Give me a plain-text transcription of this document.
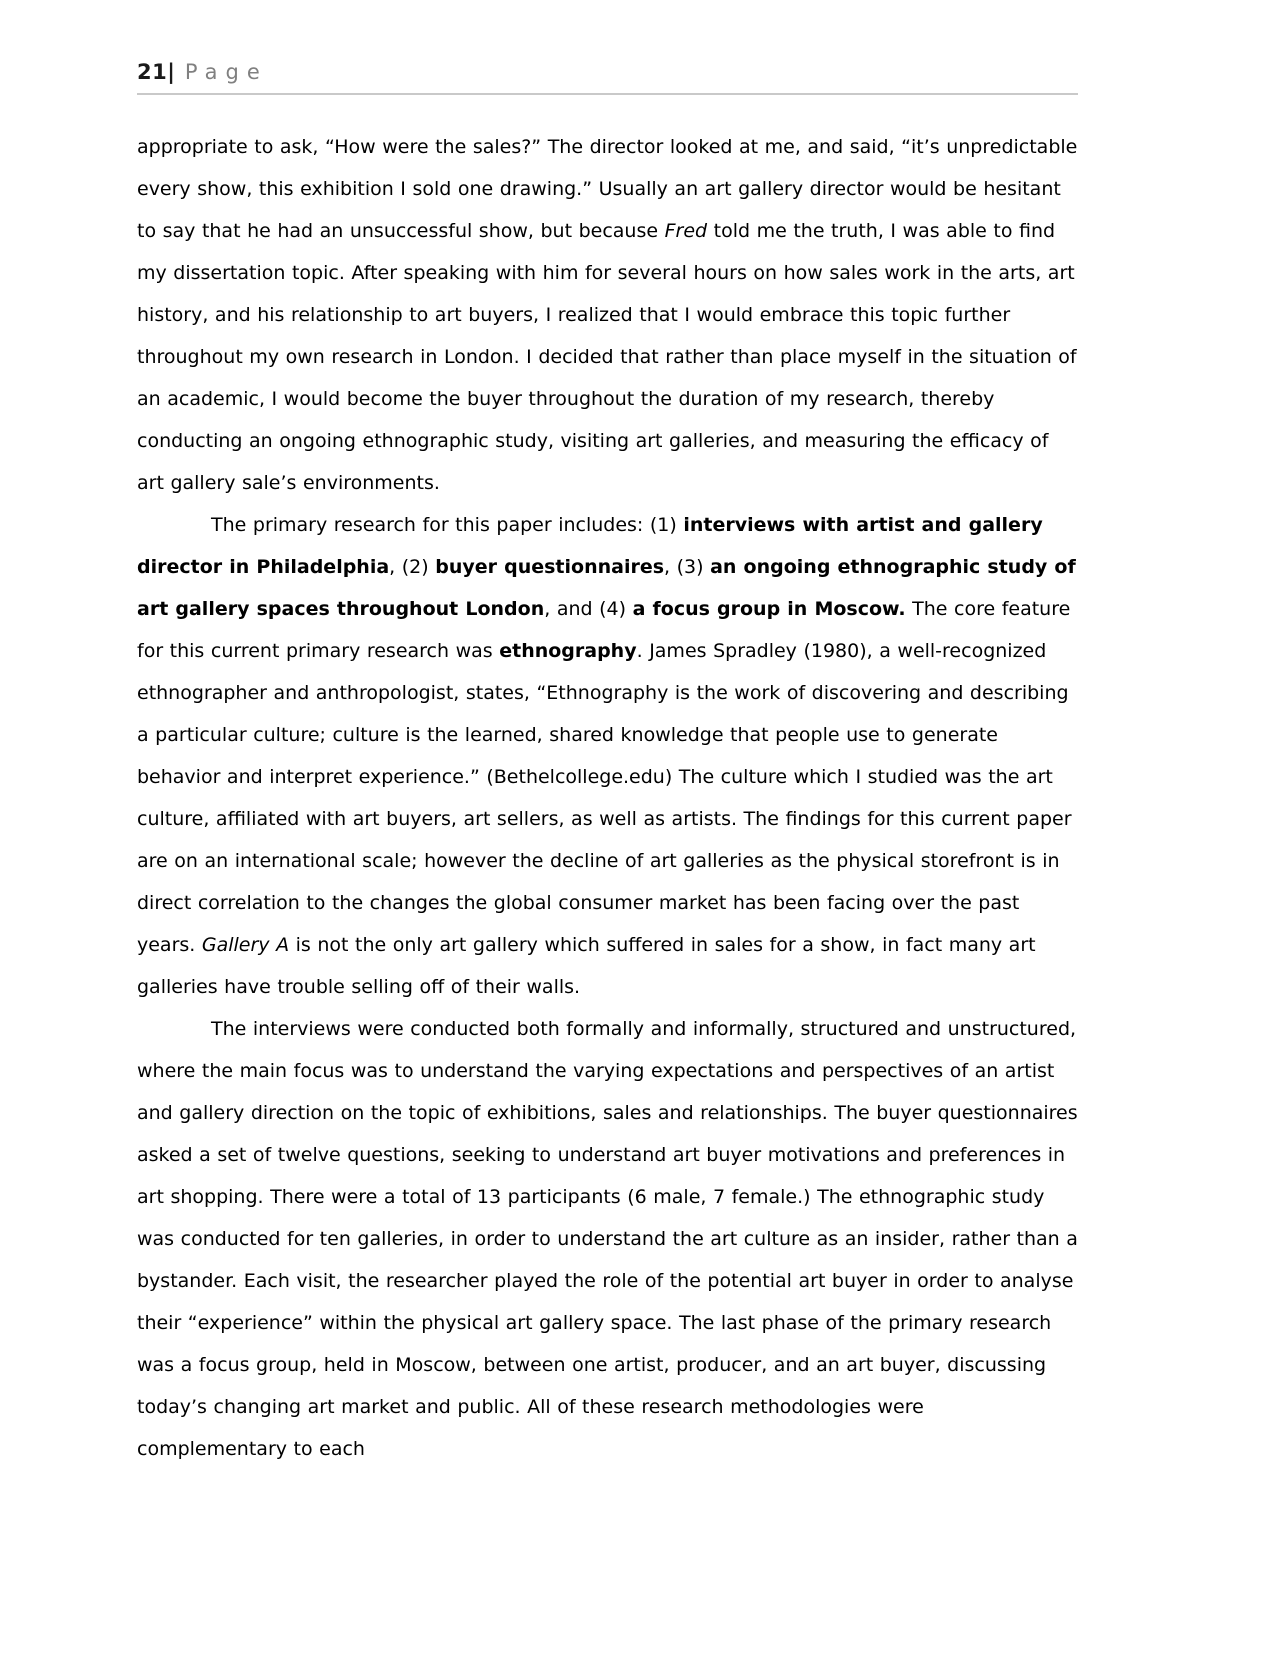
21| Page

appropriate to ask, “How were the sales?” The director looked at me, and said, “it’s unpredictable every show, this exhibition I sold one drawing.” Usually an art gallery director would be hesitant to say that he had an unsuccessful show, but because Fred told me the truth, I was able to find my dissertation topic. After speaking with him for several hours on how sales work in the arts, art history, and his relationship to art buyers, I realized that I would embrace this topic further throughout my own research in London. I decided that rather than place myself in the situation of an academic, I would become the buyer throughout the duration of my research, thereby conducting an ongoing ethnographic study, visiting art galleries, and measuring the efficacy of art gallery sale’s environments.

The primary research for this paper includes: (1) interviews with artist and gallery director in Philadelphia, (2) buyer questionnaires, (3) an ongoing ethnographic study of art gallery spaces throughout London, and (4) a focus group in Moscow. The core feature for this current primary research was ethnography. James Spradley (1980), a well-recognized ethnographer and anthropologist, states, “Ethnography is the work of discovering and describing a particular culture; culture is the learned, shared knowledge that people use to generate behavior and interpret experience.” (Bethelcollege.edu) The culture which I studied was the art culture, affiliated with art buyers, art sellers, as well as artists. The findings for this current paper are on an international scale; however the decline of art galleries as the physical storefront is in direct correlation to the changes the global consumer market has been facing over the past years. Gallery A is not the only art gallery which suffered in sales for a show, in fact many art galleries have trouble selling off of their walls.

The interviews were conducted both formally and informally, structured and unstructured, where the main focus was to understand the varying expectations and perspectives of an artist and gallery direction on the topic of exhibitions, sales and relationships. The buyer questionnaires asked a set of twelve questions, seeking to understand art buyer motivations and preferences in art shopping. There were a total of 13 participants (6 male, 7 female.) The ethnographic study was conducted for ten galleries, in order to understand the art culture as an insider, rather than a bystander. Each visit, the researcher played the role of the potential art buyer in order to analyse their “experience” within the physical art gallery space. The last phase of the primary research was a focus group, held in Moscow, between one artist, producer, and an art buyer, discussing today’s changing art market and public. All of these research methodologies were complementary to each
